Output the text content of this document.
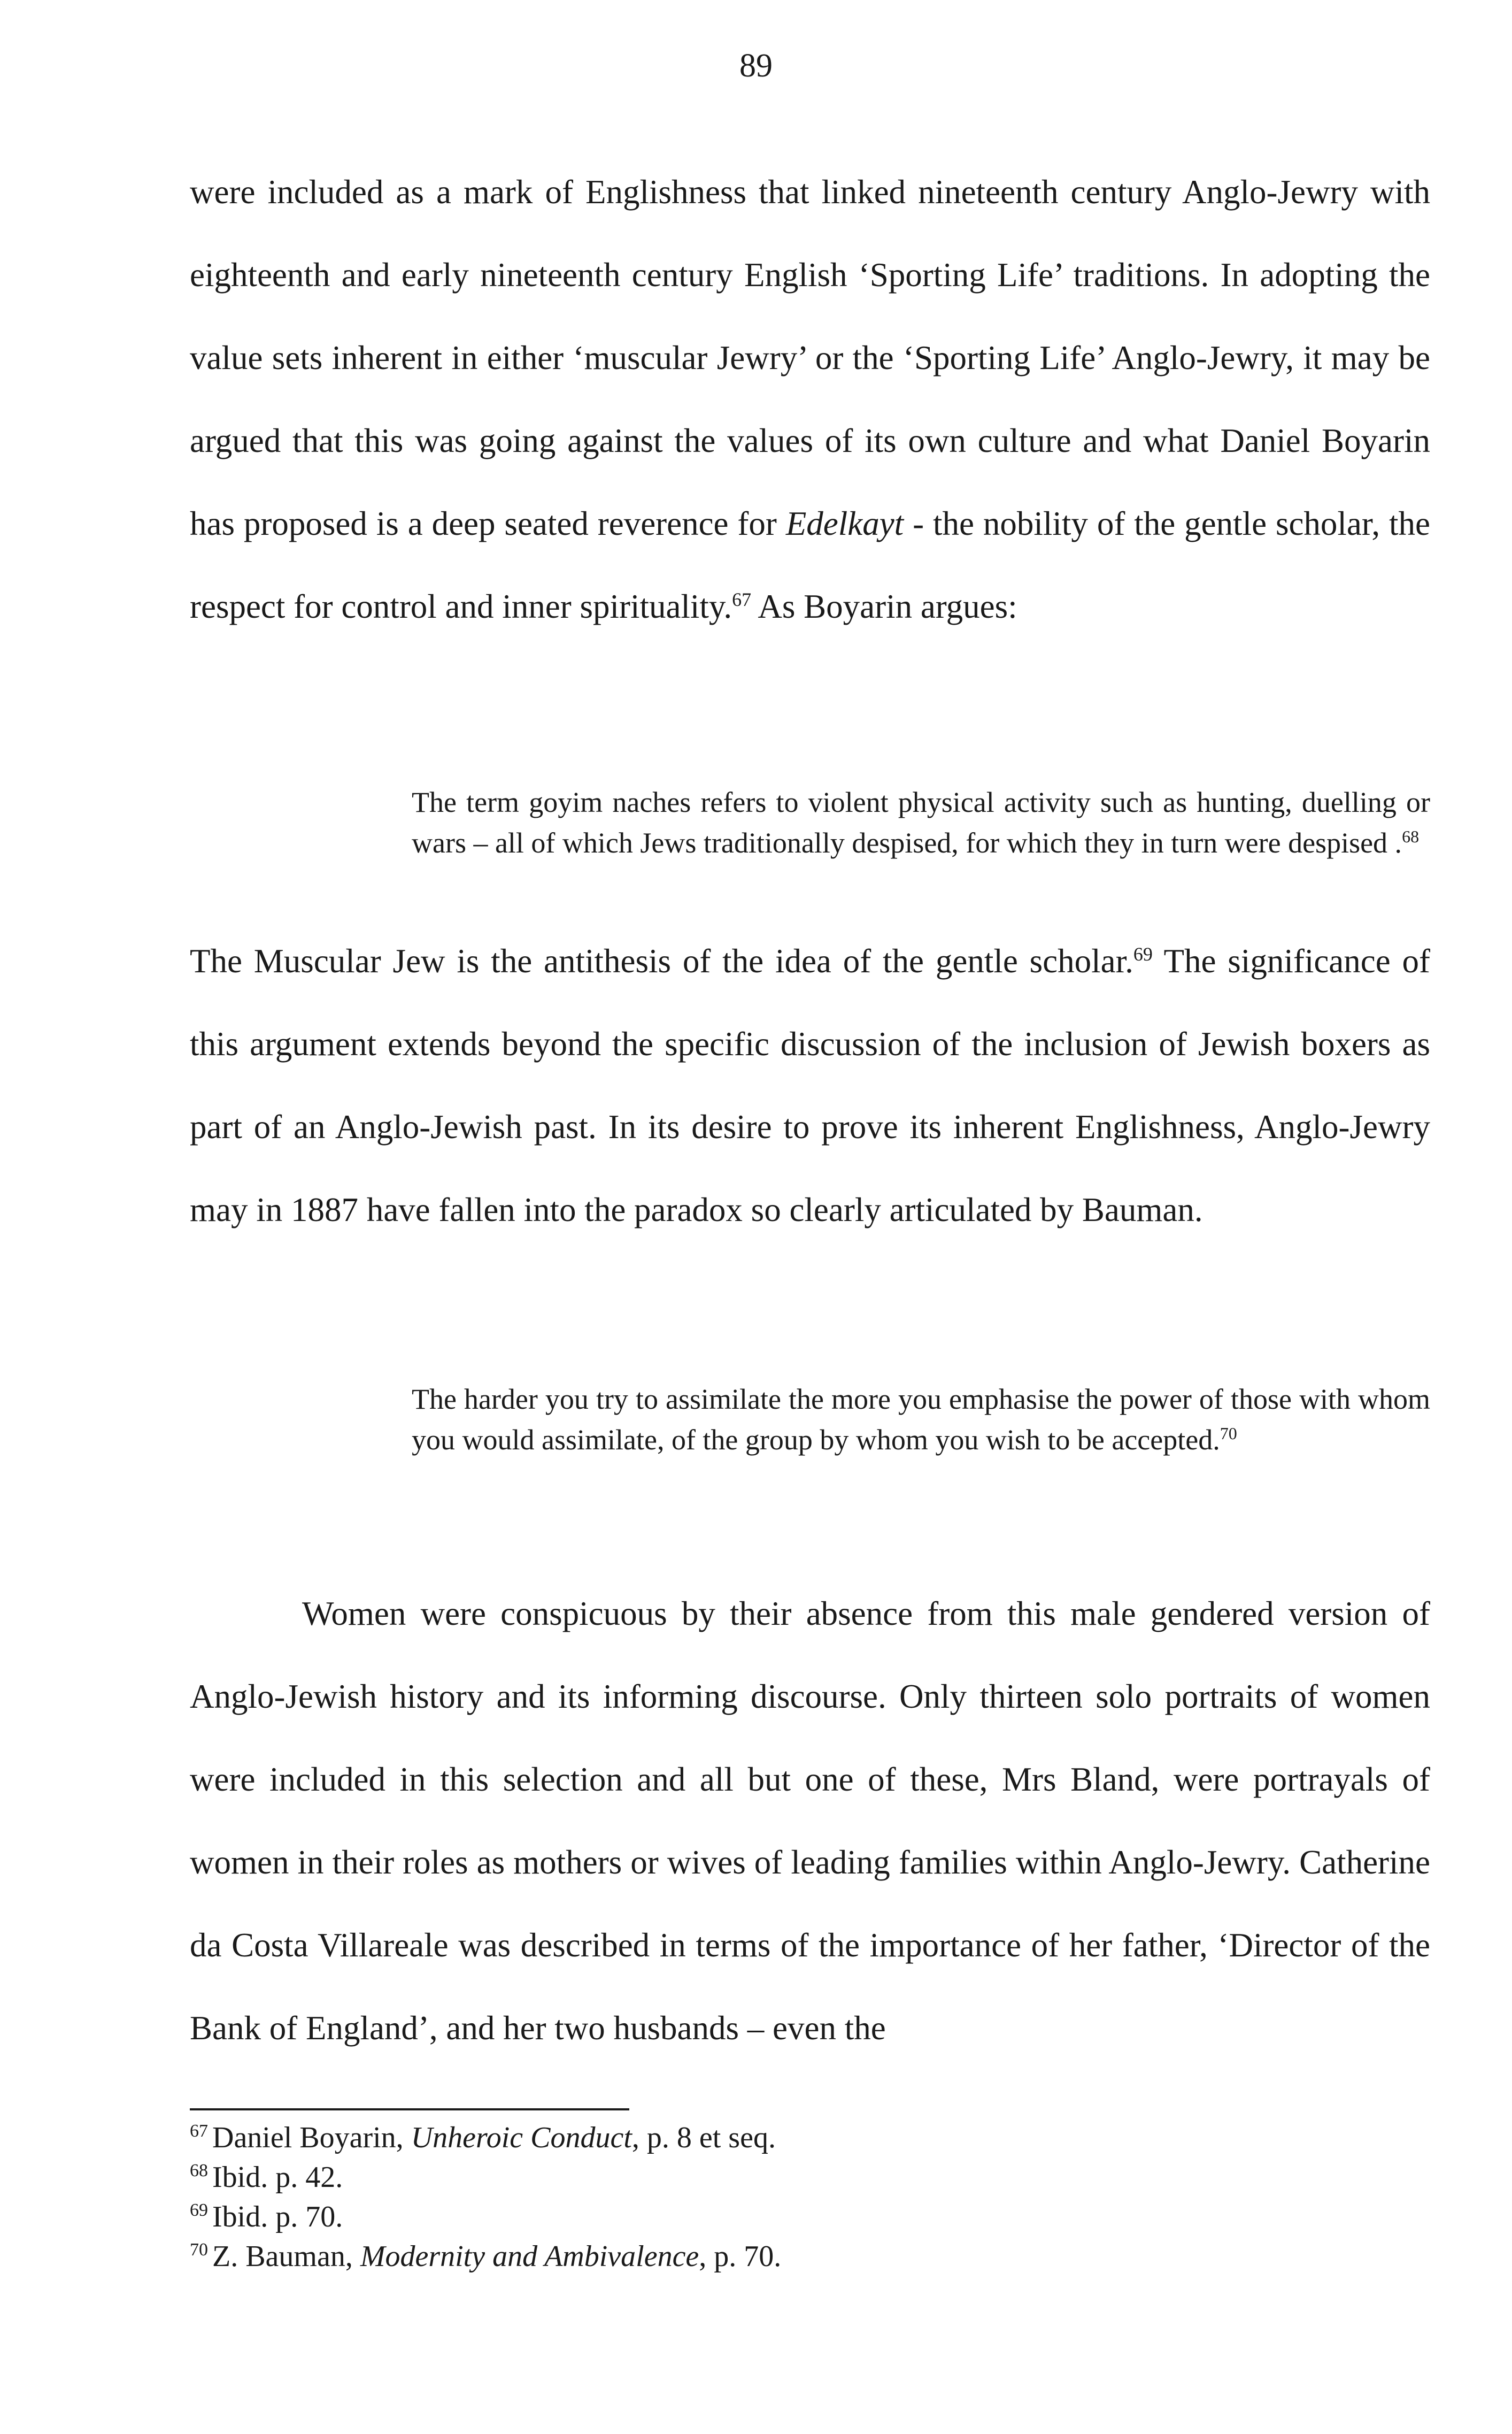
89

were included as a mark of Englishness that linked nineteenth century Anglo-Jewry with eighteenth and early nineteenth century English ‘Sporting Life’ traditions. In adopting the value sets inherent in either ‘muscular Jewry’ or the ‘Sporting Life’ Anglo-Jewry, it may be argued that this was going against the values of its own culture and what Daniel Boyarin has proposed is a deep seated reverence for Edelkayt - the nobility of the gentle scholar, the respect for control and inner spirituality.$^{67}$ As Boyarin argues:

The term goyim naches refers to violent physical activity such as hunting, duelling or wars – all of which Jews traditionally despised, for which they in turn were despised .$^{68}$

The Muscular Jew is the antithesis of the idea of the gentle scholar.$^{69}$ The significance of this argument extends beyond the specific discussion of the inclusion of Jewish boxers as part of an Anglo-Jewish past. In its desire to prove its inherent Englishness, Anglo-Jewry may in 1887 have fallen into the paradox so clearly articulated by Bauman.

The harder you try to assimilate the more you emphasise the power of those with whom you would assimilate, of the group by whom you wish to be accepted.$^{70}$

Women were conspicuous by their absence from this male gendered version of Anglo-Jewish history and its informing discourse. Only thirteen solo portraits of women were included in this selection and all but one of these, Mrs Bland, were portrayals of women in their roles as mothers or wives of leading families within Anglo-Jewry. Catherine da Costa Villareale was described in terms of the importance of her father, ‘Director of the Bank of England’, and her two husbands – even the

$^{67}$ Daniel Boyarin, Unheroic Conduct, p. 8 et seq.
$^{68}$ Ibid. p. 42.
$^{69}$ Ibid. p. 70.
$^{70}$ Z. Bauman, Modernity and Ambivalence, p. 70.
